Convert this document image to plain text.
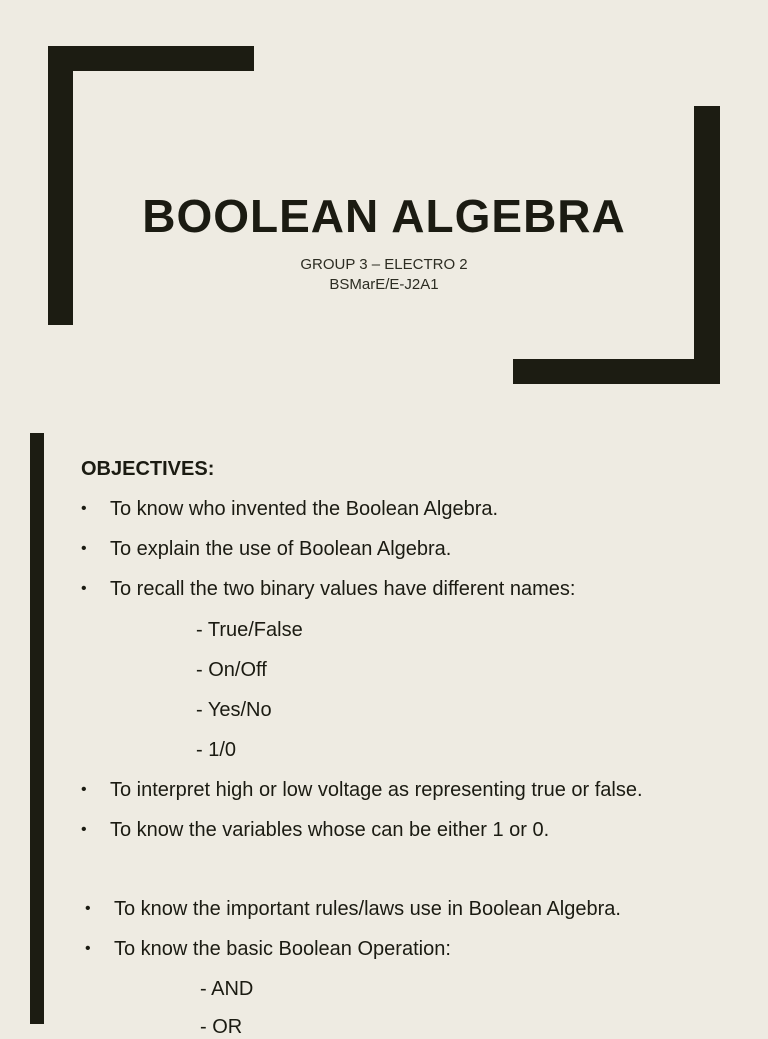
BOOLEAN ALGEBRA
GROUP 3 – ELECTRO 2
BSMarE/E-J2A1
OBJECTIVES:
• To know who invented the Boolean Algebra.
• To explain the use of Boolean Algebra.
• To recall the two binary values have different names:
- True/False
- On/Off
- Yes/No
- 1/0
• To interpret high or low voltage as representing true or false.
• To know the variables whose can be either 1 or 0.
• To know the important rules/laws use in Boolean Algebra.
• To know the basic Boolean Operation:
- AND
- OR
